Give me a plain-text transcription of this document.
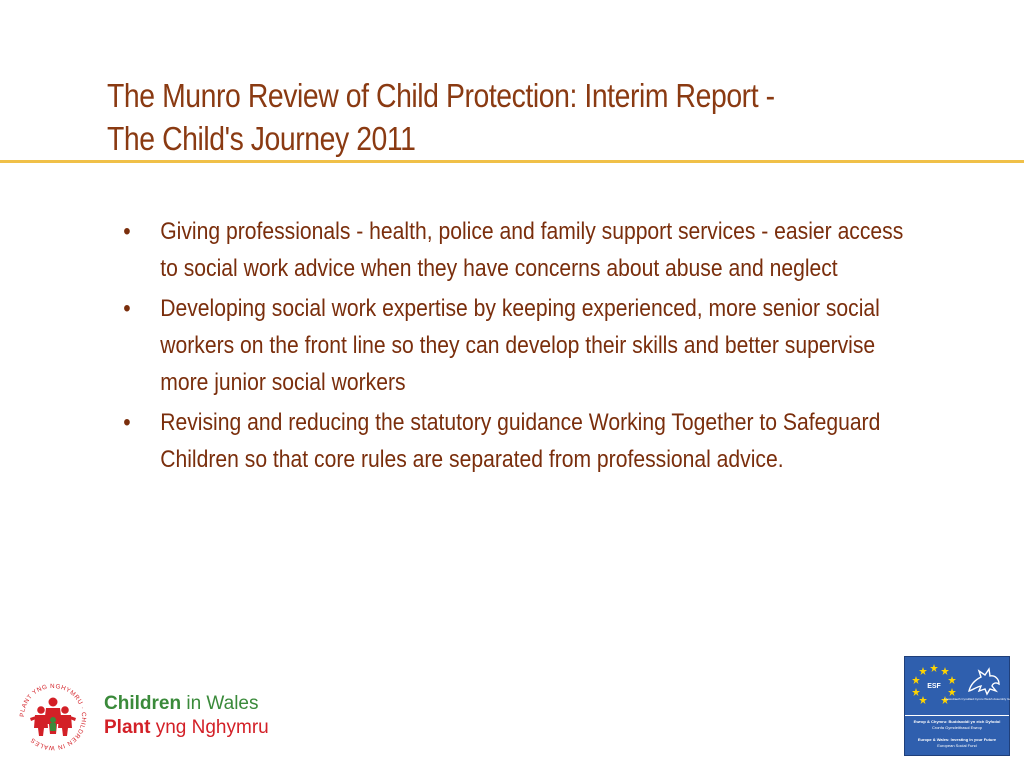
The Munro Review of Child Protection: Interim Report -
The Child's Journey 2011
• Giving professionals - health, police and family support services - easier access to social work advice when they have concerns about abuse and neglect
• Developing social work expertise by keeping experienced, more senior social workers on the front line so they can develop their skills and better supervise more junior social workers
• Revising and reducing the statutory guidance Working Together to Safeguard Children so that core rules are separated from professional advice.
PLANT YNG NGHYMRU · CHILDREN IN WALES
Children in Wales
Plant yng Nghymru
ESF
Llywodraeth Cynulliad Cymru Welsh Assembly Government
Ewrop & Chymru: Buddsoddi yn eich Dyfodol
Cronfa Gymdeithasol Ewrop
Europe & Wales: Investing in your Future
European Social Fund
